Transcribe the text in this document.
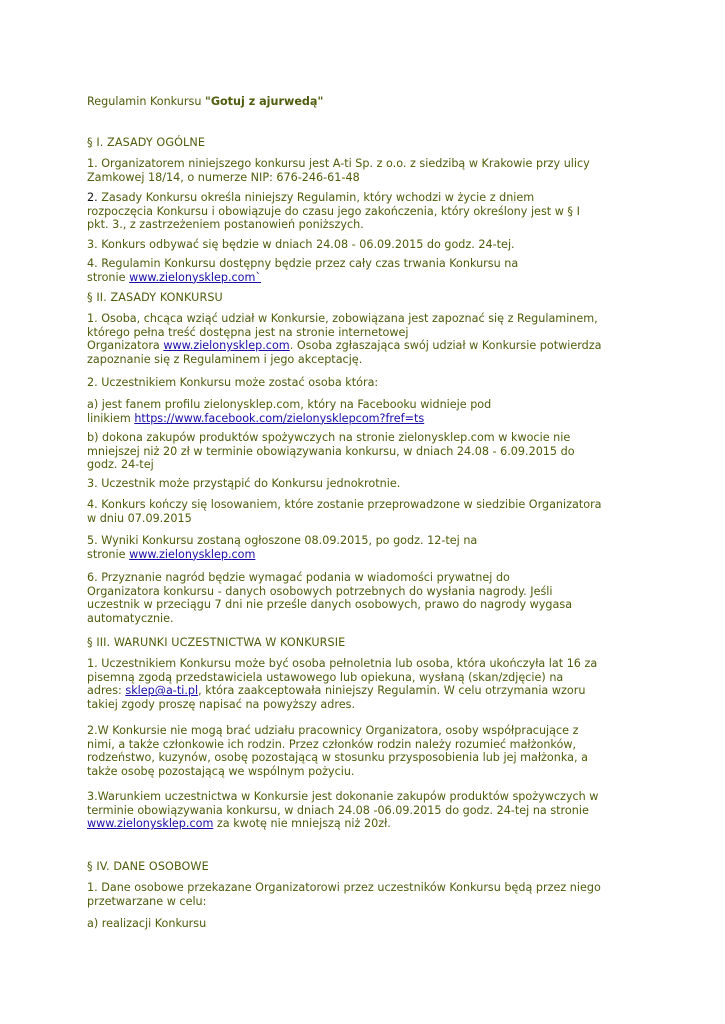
Regulamin Konkursu "Gotuj z ajurwedą"
§ I. ZASADY OGÓLNE
1. Organizatorem niniejszego konkursu jest A-ti Sp. z o.o. z siedzibą w Krakowie przy ulicy
Zamkowej 18/14, o numerze NIP: 676-246-61-48
2. Zasady Konkursu określa niniejszy Regulamin, który wchodzi w życie z dniem
rozpoczęcia Konkursu i obowiązuje do czasu jego zakończenia, który określony jest w § I
pkt. 3., z zastrzeżeniem postanowień poniższych.
3. Konkurs odbywać się będzie w dniach 24.08 - 06.09.2015 do godz. 24-tej.
4. Regulamin Konkursu dostępny będzie przez cały czas trwania Konkursu na
stronie www.zielonysklep.com`
§ II. ZASADY KONKURSU
1. Osoba, chcąca wziąć udział w Konkursie, zobowiązana jest zapoznać się z Regulaminem,
którego pełna treść dostępna jest na stronie internetowej
Organizatora www.zielonysklep.com. Osoba zgłaszająca swój udział w Konkursie potwierdza
zapoznanie się z Regulaminem i jego akceptację.
2. Uczestnikiem Konkursu może zostać osoba która:
a) jest fanem profilu zielonysklep.com, który na Facebooku widnieje pod
linikiem https://www.facebook.com/zielonysklepcom?fref=ts
b) dokona zakupów produktów spożywczych na stronie zielonysklep.com w kwocie nie
mniejszej niż 20 zł w terminie obowiązywania konkursu, w dniach 24.08 - 6.09.2015 do
godz. 24-tej
3. Uczestnik może przystąpić do Konkursu jednokrotnie.
4. Konkurs kończy się losowaniem, które zostanie przeprowadzone w siedzibie Organizatora
w dniu 07.09.2015
5. Wyniki Konkursu zostaną ogłoszone 08.09.2015, po godz. 12-tej na
stronie www.zielonysklep.com
6. Przyznanie nagród będzie wymagać podania w wiadomości prywatnej do
Organizatora konkursu - danych osobowych potrzebnych do wysłania nagrody. Jeśli
uczestnik w przeciągu 7 dni nie prześle danych osobowych, prawo do nagrody wygasa
automatycznie.
§ III. WARUNKI UCZESTNICTWA W KONKURSIE
1. Uczestnikiem Konkursu może być osoba pełnoletnia lub osoba, która ukończyła lat 16 za
pisemną zgodą przedstawiciela ustawowego lub opiekuna, wysłaną (skan/zdjęcie) na
adres: sklep@a-ti.pl, która zaakceptowała niniejszy Regulamin. W celu otrzymania wzoru
takiej zgody proszę napisać na powyższy adres.
2.W Konkursie nie mogą brać udziału pracownicy Organizatora, osoby współpracujące z
nimi, a także członkowie ich rodzin. Przez członków rodzin należy rozumieć małżonków,
rodzeństwo, kuzynów, osobę pozostającą w stosunku przysposobienia lub jej małżonka, a
także osobę pozostającą we wspólnym pożyciu.
3.Warunkiem uczestnictwa w Konkursie jest dokonanie zakupów produktów spożywczych w
terminie obowiązywania konkursu, w dniach 24.08 -06.09.2015 do godz. 24-tej na stronie
www.zielonysklep.com za kwotę nie mniejszą niż 20zł.
§ IV. DANE OSOBOWE
1. Dane osobowe przekazane Organizatorowi przez uczestników Konkursu będą przez niego
przetwarzane w celu:
a) realizacji Konkursu
